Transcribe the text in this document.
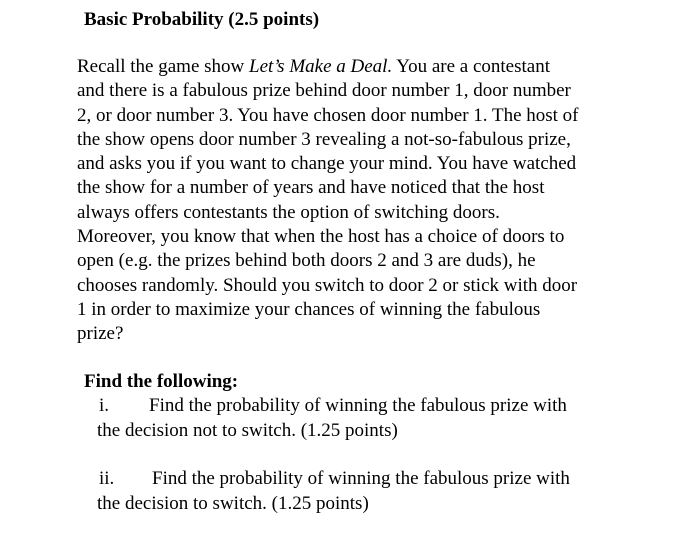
Basic Probability (2.5 points)
Recall the game show Let’s Make a Deal. You are a contestant
and there is a fabulous prize behind door number 1, door number
2, or door number 3. You have chosen door number 1. The host of
the show opens door number 3 revealing a not-so-fabulous prize,
and asks you if you want to change your mind. You have watched
the show for a number of years and have noticed that the host
always offers contestants the option of switching doors.
Moreover, you know that when the host has a choice of doors to
open (e.g. the prizes behind both doors 2 and 3 are duds), he
chooses randomly. Should you switch to door 2 or stick with door
1 in order to maximize your chances of winning the fabulous
prize?
Find the following:
i. Find the probability of winning the fabulous prize with
the decision not to switch. (1.25 points)
ii. Find the probability of winning the fabulous prize with
the decision to switch. (1.25 points)
